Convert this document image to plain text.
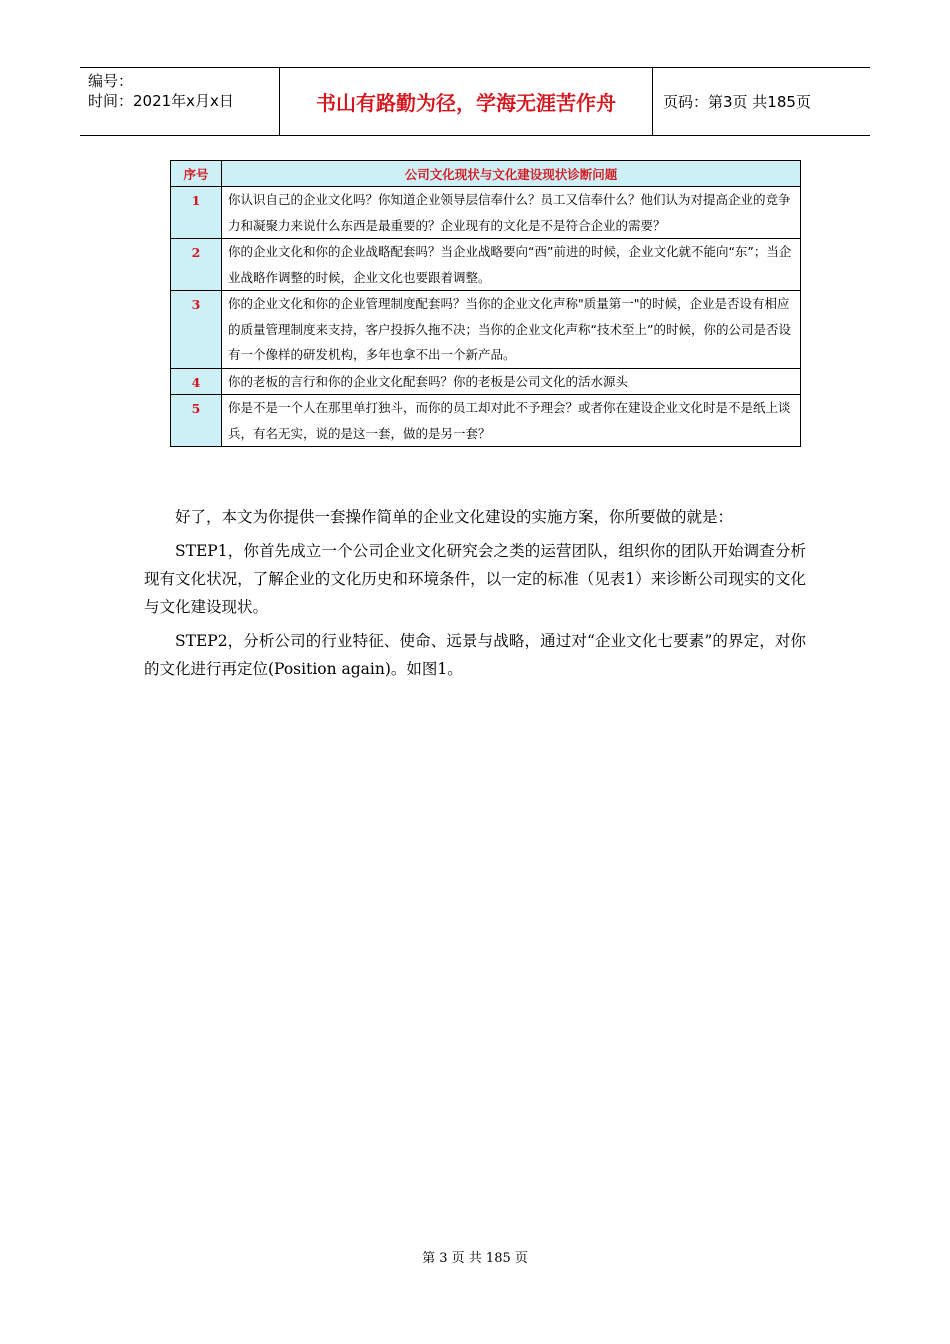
编号：
时间：2021年x月x日	书山有路勤为径，学海无涯苦作舟	页码：第3页 共185页
序号	公司文化现状与文化建设现状诊断问题
1	你认识自己的企业文化吗？你知道企业领导层信奉什么？员工又信奉什么？他们认为对提高企业的竞争力和凝聚力来说什么东西是最重要的？企业现有的文化是不是符合企业的需要？
2	你的企业文化和你的企业战略配套吗？当企业战略要向“西”前进的时候，企业文化就不能向“东”；当企业战略作调整的时候，企业文化也要跟着调整。
3	你的企业文化和你的企业管理制度配套吗？当你的企业文化声称"质量第一"的时候，企业是否设有相应的质量管理制度来支持，客户投拆久拖不决；当你的企业文化声称“技术至上”的时候，你的公司是否设有一个像样的研发机构，多年也拿不出一个新产品。
4	你的老板的言行和你的企业文化配套吗？你的老板是公司文化的活水源头
5	你是不是一个人在那里单打独斗，而你的员工却对此不予理会？或者你在建设企业文化时是不是纸上谈兵，有名无实，说的是这一套，做的是另一套？

好了，本文为你提供一套操作简单的企业文化建设的实施方案，你所要做的就是：

STEP1，你首先成立一个公司企业文化研究会之类的运营团队，组织你的团队开始调查分析现有文化状况，了解企业的文化历史和环境条件，以一定的标准（见表1）来诊断公司现实的文化与文化建设现状。

STEP2，分析公司的行业特征、使命、远景与战略，通过对“企业文化七要素”的界定，对你的文化进行再定位(Position again)。如图1。

第 3 页 共 185 页
